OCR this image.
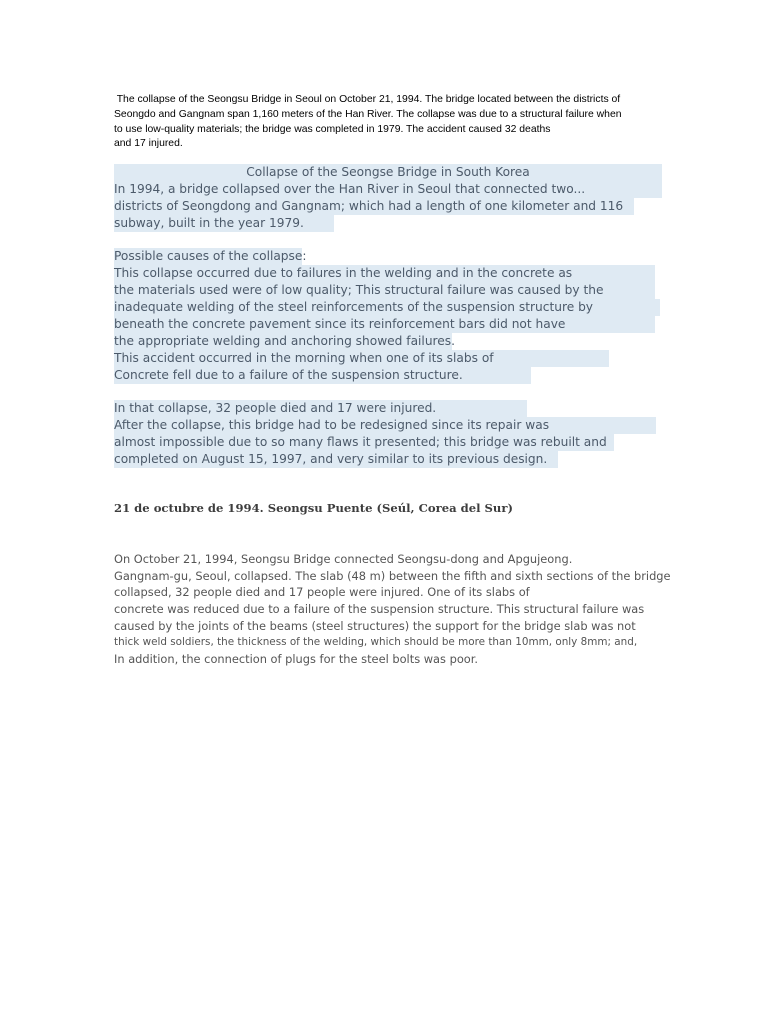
The collapse of the Seongsu Bridge in Seoul on October 21, 1994. The bridge located between the districts of
Seongdo and Gangnam span 1,160 meters of the Han River. The collapse was due to a structural failure when
to use low-quality materials; the bridge was completed in 1979. The accident caused 32 deaths
and 17 injured.
Collapse of the Seongse Bridge in South Korea
In 1994, a bridge collapsed over the Han River in Seoul that connected two...
districts of Seongdong and Gangnam; which had a length of one kilometer and 116
subway, built in the year 1979.
Possible causes of the collapse:
This collapse occurred due to failures in the welding and in the concrete as
the materials used were of low quality; This structural failure was caused by the
inadequate welding of the steel reinforcements of the suspension structure by
beneath the concrete pavement since its reinforcement bars did not have
the appropriate welding and anchoring showed failures.
This accident occurred in the morning when one of its slabs of
Concrete fell due to a failure of the suspension structure.
In that collapse, 32 people died and 17 were injured.
After the collapse, this bridge had to be redesigned since its repair was
almost impossible due to so many flaws it presented; this bridge was rebuilt and
completed on August 15, 1997, and very similar to its previous design.
21 de octubre de 1994. Seongsu Puente (Seúl, Corea del Sur)
On October 21, 1994, Seongsu Bridge connected Seongsu-dong and Apgujeong.
Gangnam-gu, Seoul, collapsed. The slab (48 m) between the fifth and sixth sections of the bridge
collapsed, 32 people died and 17 people were injured. One of its slabs of
concrete was reduced due to a failure of the suspension structure. This structural failure was
caused by the joints of the beams (steel structures) the support for the bridge slab was not
thick weld soldiers, the thickness of the welding, which should be more than 10mm, only 8mm; and,
In addition, the connection of plugs for the steel bolts was poor.
